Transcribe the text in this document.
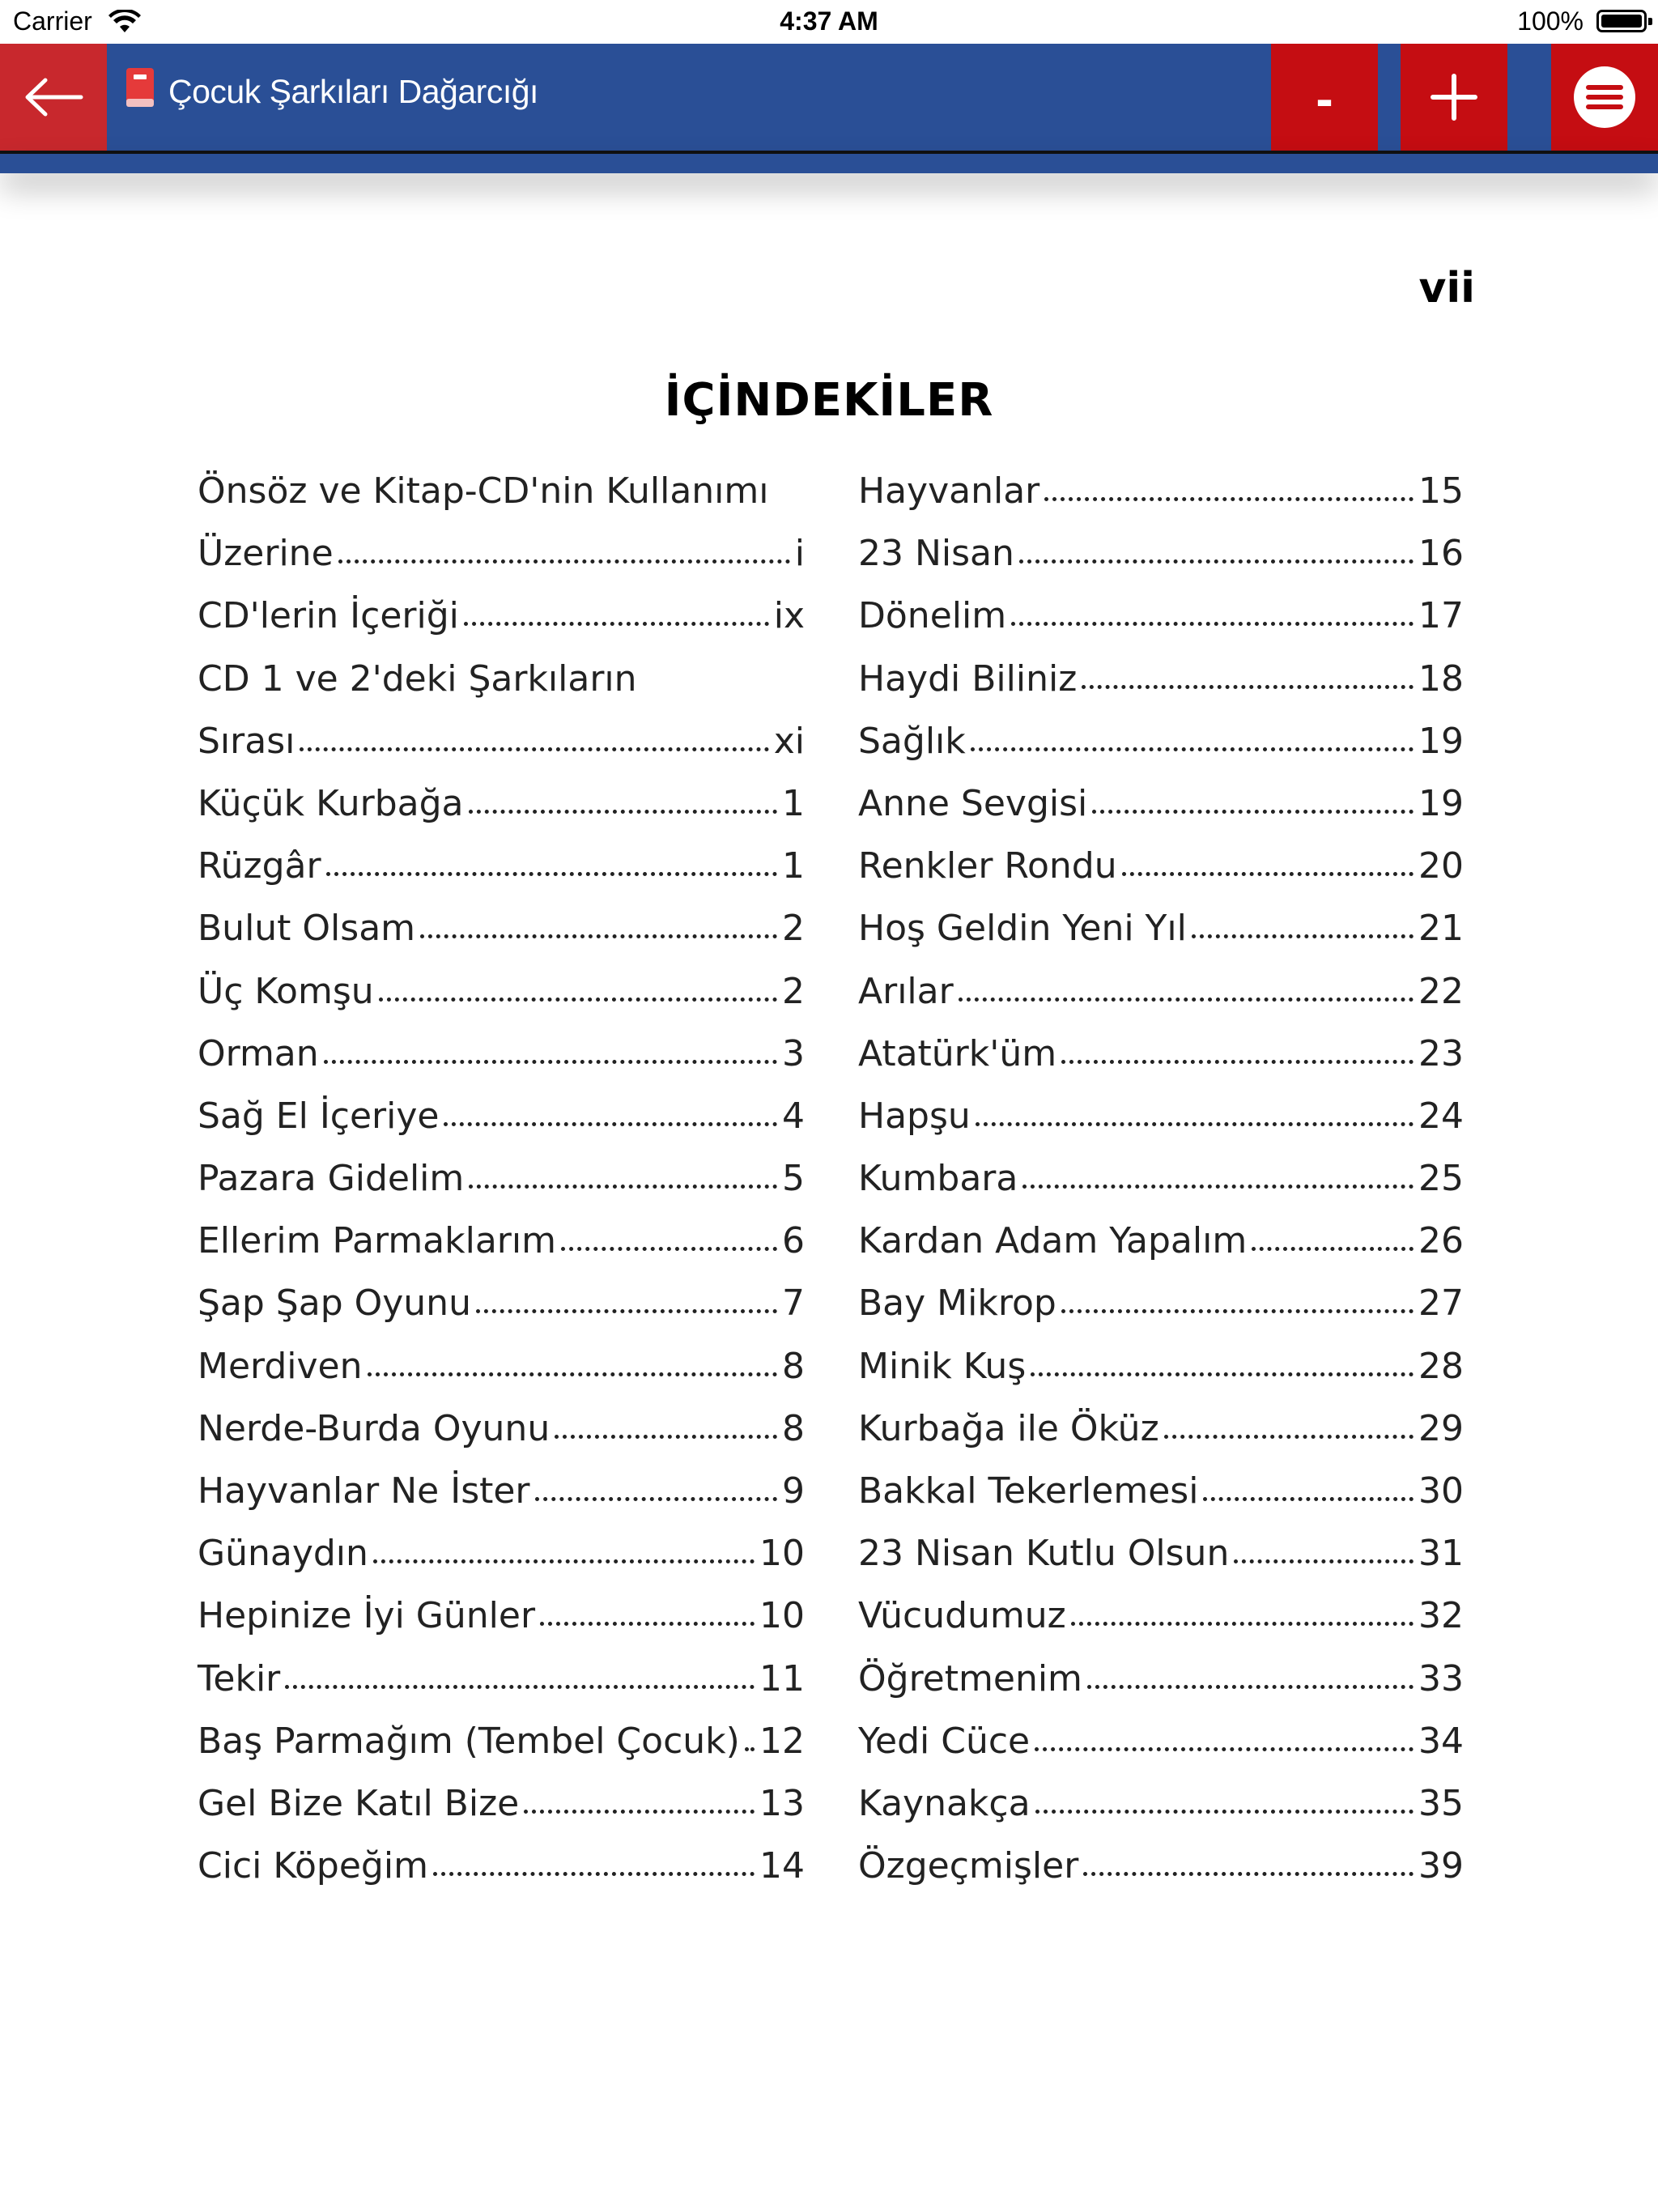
Carrier	4:37 AM	100%
Çocuk Şarkıları Dağarcığı	-
vii
İÇİNDEKİLER
Önsöz ve Kitap-CD'nin Kullanımı
Üzerine	i
CD'lerin İçeriği	ix
CD 1 ve 2'deki Şarkıların
Sırası	xi
Küçük Kurbağa	1
Rüzgâr	1
Bulut Olsam	2
Üç Komşu	2
Orman	3
Sağ El İçeriye	4
Pazara Gidelim	5
Ellerim Parmaklarım	6
Şap Şap Oyunu	7
Merdiven	8
Nerde-Burda Oyunu	8
Hayvanlar Ne İster	9
Günaydın	10
Hepinize İyi Günler	10
Tekir	11
Baş Parmağım (Tembel Çocuk) 12
Gel Bize Katıl Bize	13
Cici Köpeğim	14
Hayvanlar	15
23 Nisan	16
Dönelim	17
Haydi Biliniz	18
Sağlık	19
Anne Sevgisi	19
Renkler Rondu	20
Hoş Geldin Yeni Yıl	21
Arılar	22
Atatürk'üm	23
Hapşu	24
Kumbara	25
Kardan Adam Yapalım	26
Bay Mikrop	27
Minik Kuş	28
Kurbağa ile Öküz	29
Bakkal Tekerlemesi	30
23 Nisan Kutlu Olsun	31
Vücudumuz	32
Öğretmenim	33
Yedi Cüce	34
Kaynakça	35
Özgeçmişler	39
